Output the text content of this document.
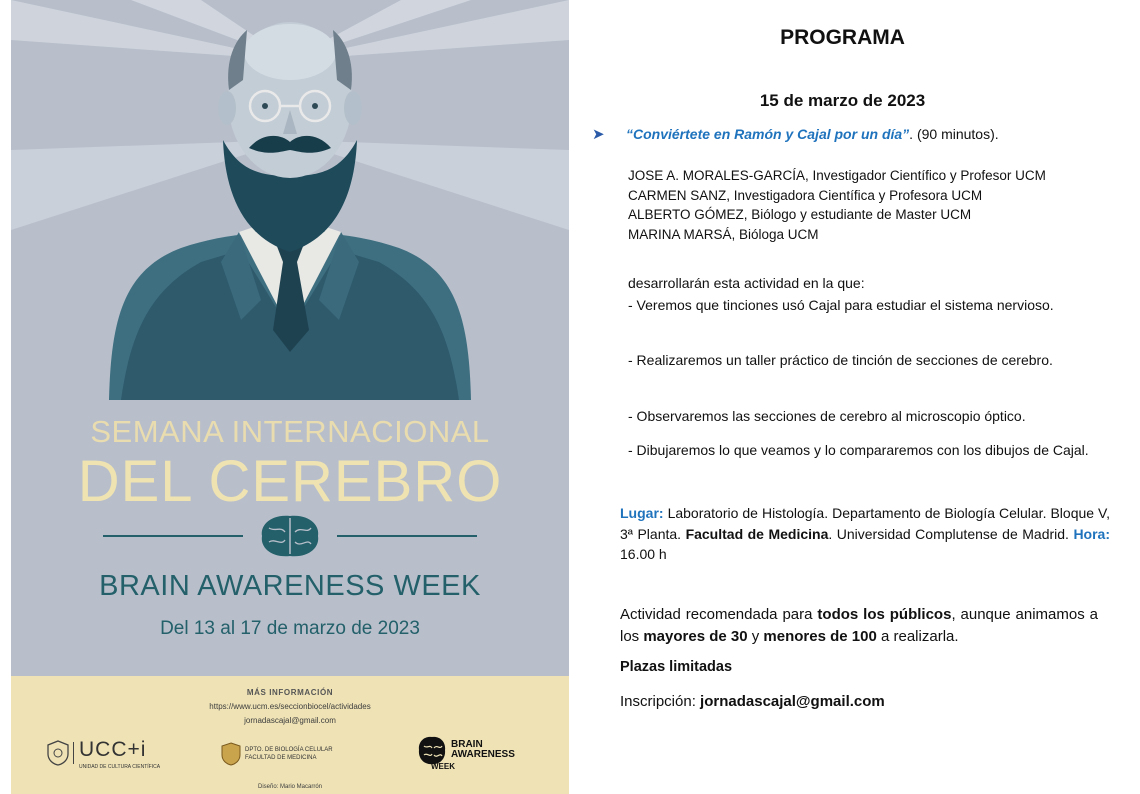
SEMANA INTERNACIONAL

DEL CEREBRO

BRAIN AWARENESS WEEK

Del 13 al 17 de marzo de 2023

MÁS INFORMACIÓN

https://www.ucm.es/seccionbiocel/actividades

jornadascajal@gmail.com

UCC+i

UNIDAD DE CULTURA CIENTÍFICA

DPTO. DE BIOLOGÍA CELULAR

FACULTAD DE MEDICINA

BRAIN

AWARENESS

WEEK

Diseño: Mario Macarrón

PROGRAMA

15 de marzo de 2023

➤ “Conviértete en Ramón y Cajal por un día”. (90 minutos).

JOSE A. MORALES-GARCÍA, Investigador Científico y Profesor UCM
CARMEN SANZ, Investigadora Científica y Profesora UCM
ALBERTO GÓMEZ, Biólogo y estudiante de Master UCM
MARINA MARSÁ, Bióloga UCM

desarrollarán esta actividad en la que:

- Veremos que tinciones usó Cajal para estudiar el sistema nervioso.

- Realizaremos un taller práctico de tinción de secciones de cerebro.

- Observaremos las secciones de cerebro al microscopio óptico.

- Dibujaremos lo que veamos y lo compararemos con los dibujos de Cajal.

Lugar: Laboratorio de Histología. Departamento de Biología Celular. Bloque V, 3ª Planta. Facultad de Medicina. Universidad Complutense de Madrid. Hora: 16.00 h

Actividad recomendada para todos los públicos, aunque animamos a los mayores de 30 y menores de 100 a realizarla.

Plazas limitadas

Inscripción: jornadascajal@gmail.com
